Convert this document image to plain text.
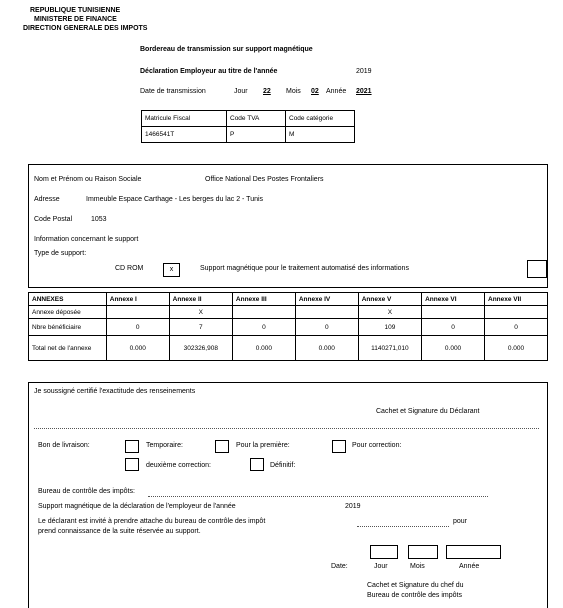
REPUBLIQUE TUNISIENNE
MINISTERE DE FINANCE
DIRECTION GENERALE DES IMPOTS
Bordereau de transmission sur support magnétique
Déclaration Employeur au titre de l'année	2019
Date de transmission	Jour 22 Mois 02 Année 2021
Matricule Fiscal	Code TVA	Code catégorie
1466541T	P	M
Nom et Prénom ou Raison Sociale	Office National Des Postes Frontaliers
Adresse	Immeuble Espace Carthage - Les berges du lac 2 - Tunis
Code Postal	1053
Information concernant le support
Type de support:
CD ROM	x	Support magnétique pour le traitement automatisé des informations
ANNEXES	Annexe I	Annexe II	Annexe III	Annexe IV	Annexe V	Annexe VI	Annexe VII
Annexe déposée		X			X		
Nbre bénéficiaire	0	7	0	0	109	0	0
Total net de l'annexe	0.000	302326,908	0.000	0.000	1140271,010	0.000	0.000
Je soussigné certifié l'exactitude des renseinements
Cachet et Signature du Déclarant
Bon de livraison:	Temporaire:	Pour la première:	Pour correction:
deuxième correction:	Définitif:
Bureau de contrôle des impôts:
Support magnétique de la déclaration de l'employeur de l'année	2019
Le déclarant est invité à prendre attache du bureau de contrôle des impôt	pour
prend connaissance de la suite réservée au support.
Date:	Jour	Mois	Année
Cachet et Signature du chef du
Bureau de contrôle des impôts
